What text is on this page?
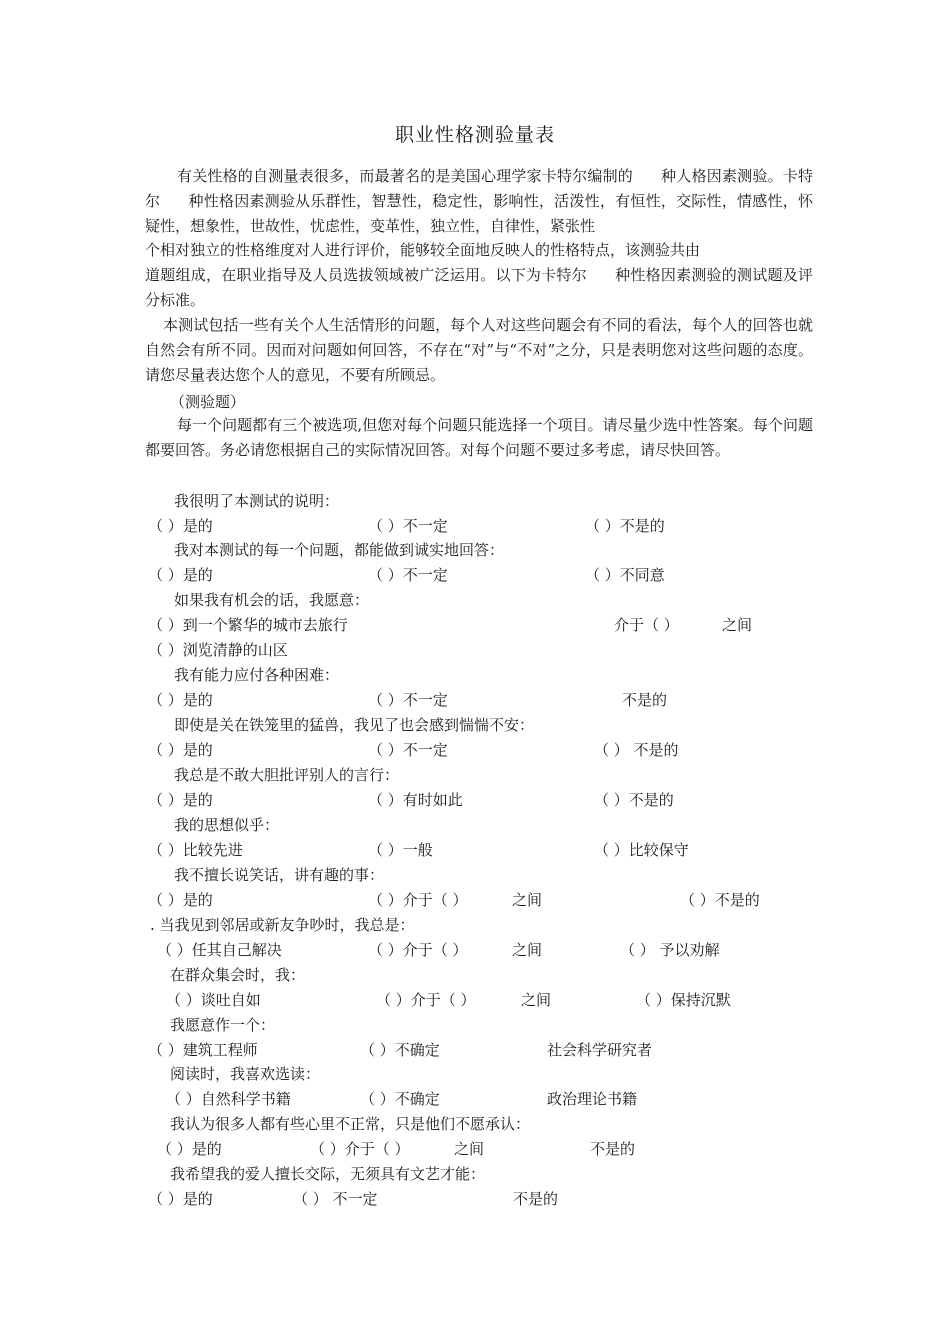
职业性格测验量表

有关性格的自测量表很多，而最著名的是美国心理学家卡特尔编制的 种人格因素测验。卡特尔 种性格因素测验从乐群性，智慧性，稳定性，影响性，活泼性，有恒性，交际性，情感性，怀疑性，想象性，世故性，忧虑性，变革性，独立性，自律性，紧张性
个相对独立的性格维度对人进行评价，能够较全面地反映人的性格特点，该测验共由
道题组成，在职业指导及人员选拔领域被广泛运用。以下为卡特尔 种性格因素测验的测试题及评分标准。

本测试包括一些有关个人生活情形的问题，每个人对这些问题会有不同的看法，每个人的回答也就自然会有所不同。因而对问题如何回答，不存在“对”与“不对”之分，只是表明您对这些问题的态度。请您尽量表达您个人的意见，不要有所顾忌。

（测验题）

每一个问题都有三个被选项,但您对每个问题只能选择一个项目。请尽量少选中性答案。每个问题都要回答。务必请您根据自己的实际情况回答。对每个问题不要过多考虑，请尽快回答。

我很明了本测试的说明：
（ ）是的	（ ）不一定	（ ）不是的
我对本测试的每一个问题，都能做到诚实地回答：
（ ）是的	（ ）不一定	（ ）不同意
如果我有机会的话，我愿意：
（ ）到一个繁华的城市去旅行	介于（ ）	之间
（ ）浏览清静的山区
我有能力应付各种困难：
（ ）是的	（ ）不一定	不是的
即使是关在铁笼里的猛兽，我见了也会感到惴惴不安：
（ ）是的	（ ）不一定	（ ） 不是的
我总是不敢大胆批评别人的言行：
（ ）是的	（ ）有时如此	（ ）不是的
我的思想似乎：
（ ）比较先进	（ ）一般	（ ）比较保守
我不擅长说笑话，讲有趣的事：
（ ）是的	（ ）介于（ ）	之间	（ ）不是的
. 当我见到邻居或新友争吵时，我总是：
（ ）任其自己解决	（ ）介于（ ）	之间	（ ） 予以劝解
在群众集会时，我：
（ ）谈吐自如	（ ）介于（ ）	之间	（ ）保持沉默
我愿意作一个：
（ ）建筑工程师	（ ）不确定	社会科学研究者
阅读时，我喜欢选读：
（ ）自然科学书籍	（ ）不确定	政治理论书籍
我认为很多人都有些心里不正常，只是他们不愿承认：
（ ）是的	（ ）介于（ ）	之间	不是的
我希望我的爱人擅长交际，无须具有文艺才能：
（ ）是的	（ ） 不一定	不是的
